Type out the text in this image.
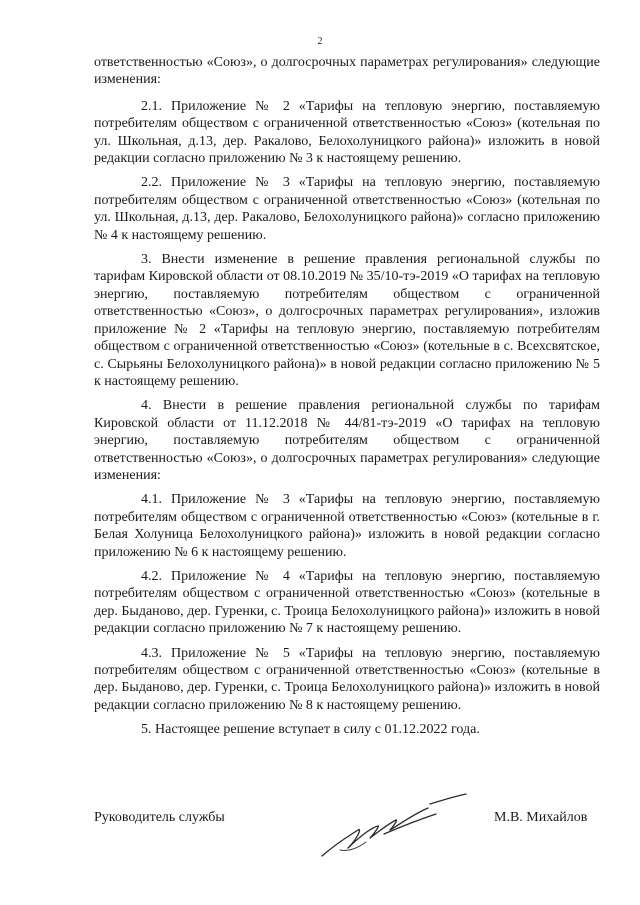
2

ответственностью «Союз», о долгосрочных параметрах регулирования» следующие изменения:

2.1. Приложение № 2 «Тарифы на тепловую энергию, поставляемую потребителям обществом с ограниченной ответственностью «Союз» (котельная по ул. Школьная, д.13, дер. Ракалово, Белохолуницкого района)» изложить в новой редакции согласно приложению № 3 к настоящему решению.

2.2. Приложение № 3 «Тарифы на тепловую энергию, поставляемую потребителям обществом с ограниченной ответственностью «Союз» (котельная по ул. Школьная, д.13, дер. Ракалово, Белохолуницкого района)» согласно приложению № 4 к настоящему решению.

3. Внести изменение в решение правления региональной службы по тарифам Кировской области от 08.10.2019 № 35/10-тэ-2019 «О тарифах на тепловую энергию, поставляемую потребителям обществом с ограниченной ответственностью «Союз», о долгосрочных параметрах регулирования», изложив приложение № 2 «Тарифы на тепловую энергию, поставляемую потребителям обществом с ограниченной ответственностью «Союз» (котельные в с. Всехсвятское, с. Сырьяны Белохолуницкого района)» в новой редакции согласно приложению № 5 к настоящему решению.

4. Внести в решение правления региональной службы по тарифам Кировской области от 11.12.2018 № 44/81-тэ-2019 «О тарифах на тепловую энергию, поставляемую потребителям обществом с ограниченной ответственностью «Союз», о долгосрочных параметрах регулирования» следующие изменения:

4.1. Приложение № 3 «Тарифы на тепловую энергию, поставляемую потребителям обществом с ограниченной ответственностью «Союз» (котельные в г. Белая Холуница Белохолуницкого района)» изложить в новой редакции согласно приложению № 6 к настоящему решению.

4.2. Приложение № 4 «Тарифы на тепловую энергию, поставляемую потребителям обществом с ограниченной ответственностью «Союз» (котельные в дер. Быданово, дер. Гуренки, с. Троица Белохолуницкого района)» изложить в новой редакции согласно приложению № 7 к настоящему решению.

4.3. Приложение № 5 «Тарифы на тепловую энергию, поставляемую потребителям обществом с ограниченной ответственностью «Союз» (котельные в дер. Быданово, дер. Гуренки, с. Троица Белохолуницкого района)» изложить в новой редакции согласно приложению № 8 к настоящему решению.

5. Настоящее решение вступает в силу с 01.12.2022 года.

Руководитель службы	М.В. Михайлов
